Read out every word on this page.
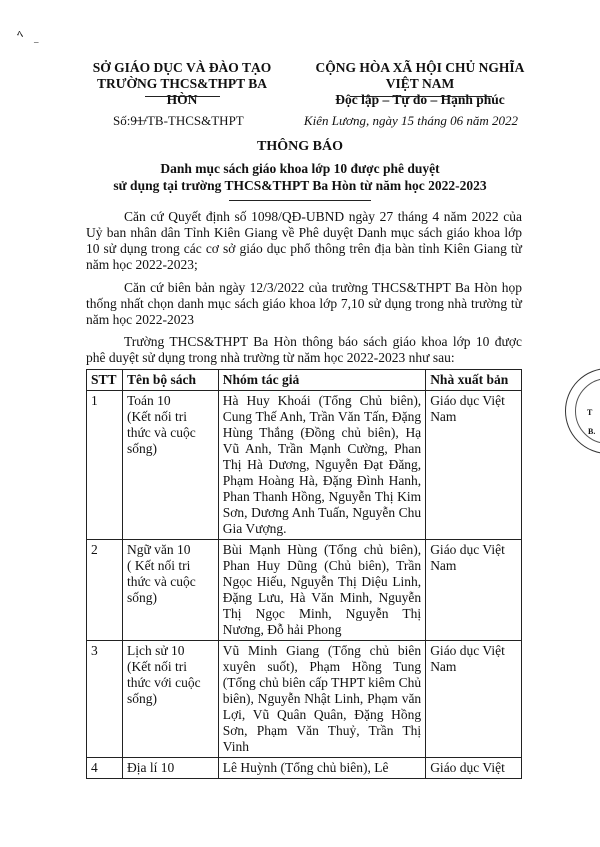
ﾍ
–
SỞ GIÁO DỤC VÀ ĐÀO TẠO
TRƯỜNG THCS&THPT BA HÒN
CỘNG HÒA XÃ HỘI CHỦ NGHĨA VIỆT NAM
Độc lập – Tự do – Hạnh phúc
Số:9̶1̶/TB-THCS&THPT	Kiên Lương, ngày 15 tháng 06 năm 2022
THÔNG BÁO
Danh mục sách giáo khoa lớp 10 được phê duyệt
sử dụng tại trường THCS&THPT Ba Hòn từ năm học 2022-2023

Căn cứ Quyết định số 1098/QĐ-UBND ngày 27 tháng 4 năm 2022 của Uỷ ban nhân dân Tỉnh Kiên Giang về Phê duyệt Danh mục sách giáo khoa lớp 10 sử dụng trong các cơ sở giáo dục phổ thông trên địa bàn tỉnh Kiên Giang từ năm học 2022-2023;

Căn cứ biên bản ngày 12/3/2022 của trường THCS&THPT Ba Hòn họp thống nhất chọn danh mục sách giáo khoa lớp 7,10 sử dụng trong nhà trường từ năm học 2022-2023

Trường THCS&THPT Ba Hòn thông báo sách giáo khoa lớp 10 được phê duyệt sử dụng trong nhà trường từ năm học 2022-2023 như sau:

STT	Tên bộ sách	Nhóm tác giả	Nhà xuất bản
1	Toán 10
(Kết nối tri thức và cuộc sống)	Hà Huy Khoái (Tổng Chủ biên), Cung Thế Anh, Trần Văn Tấn, Đặng Hùng Thắng (Đồng chủ biên), Hạ Vũ Anh, Trần Mạnh Cường, Phan Thị Hà Dương, Nguyễn Đạt Đăng, Phạm Hoàng Hà, Đặng Đình Hanh, Phan Thanh Hồng, Nguyễn Thị Kim Sơn, Dương Anh Tuấn, Nguyễn Chu Gia Vượng.	Giáo dục Việt Nam
2	Ngữ văn 10
( Kết nối tri thức và cuộc sống)	Bùi Mạnh Hùng (Tổng chủ biên), Phan Huy Dũng (Chủ biên), Trần Ngọc Hiếu, Nguyễn Thị Diệu Linh, Đặng Lưu, Hà Văn Minh, Nguyễn Thị Ngọc Minh, Nguyễn Thị Nương, Đỗ hải Phong	Giáo dục Việt Nam
3	Lịch sử 10
(Kết nối tri thức với cuộc sống)	Vũ Minh Giang (Tổng chủ biên xuyên suốt), Phạm Hồng Tung (Tổng chủ biên cấp THPT kiêm Chủ biên), Nguyễn Nhật Linh, Phạm văn Lợi, Vũ Quân Quân, Đặng Hồng Sơn, Phạm Văn Thuỷ, Trần Thị Vinh	Giáo dục Việt Nam
4	Địa lí 10	Lê Huỳnh (Tổng chủ biên), Lê	Giáo dục Việt
T
B.
